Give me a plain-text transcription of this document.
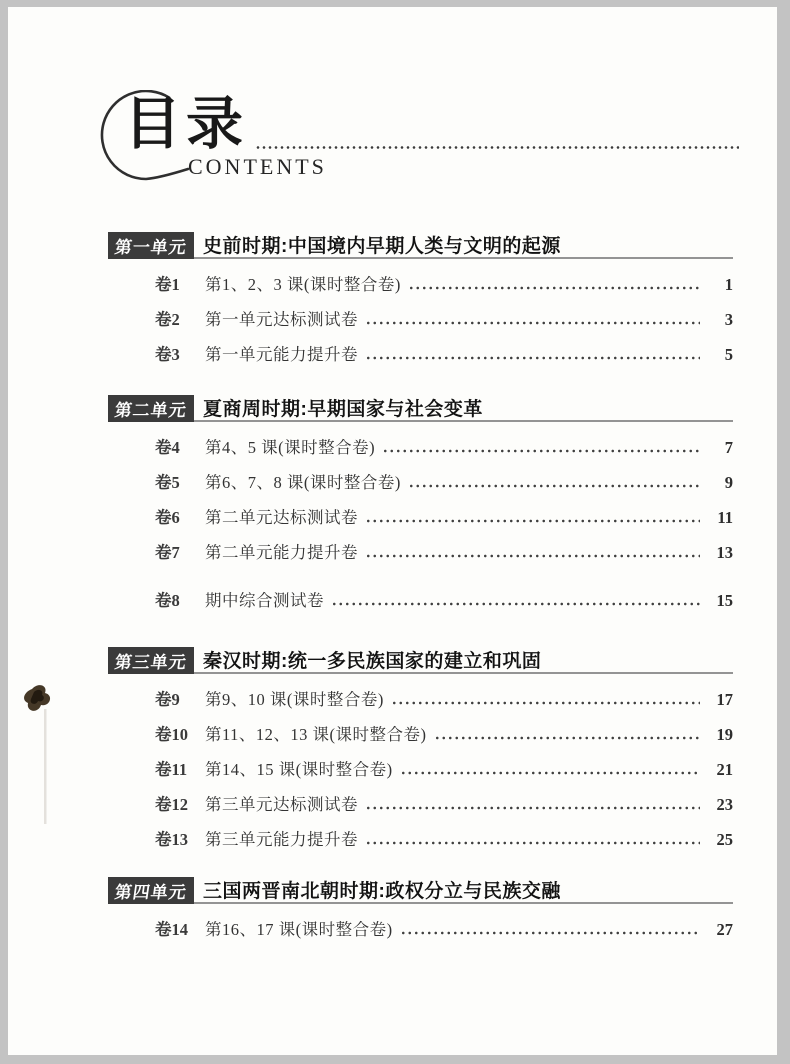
目录
CONTENTS
第一单元 史前时期:中国境内早期人类与文明的起源
卷1	第1、2、3 课(课时整合卷)	1
卷2	第一单元达标测试卷	3
卷3	第一单元能力提升卷	5
第二单元 夏商周时期:早期国家与社会变革
卷4	第4、5 课(课时整合卷)	7
卷5	第6、7、8 课(课时整合卷)	9
卷6	第二单元达标测试卷	11
卷7	第二单元能力提升卷	13
卷8	期中综合测试卷	15
第三单元 秦汉时期:统一多民族国家的建立和巩固
卷9	第9、10 课(课时整合卷)	17
卷10	第11、12、13 课(课时整合卷)	19
卷11	第14、15 课(课时整合卷)	21
卷12	第三单元达标测试卷	23
卷13	第三单元能力提升卷	25
第四单元 三国两晋南北朝时期:政权分立与民族交融
卷14	第16、17 课(课时整合卷)	27
